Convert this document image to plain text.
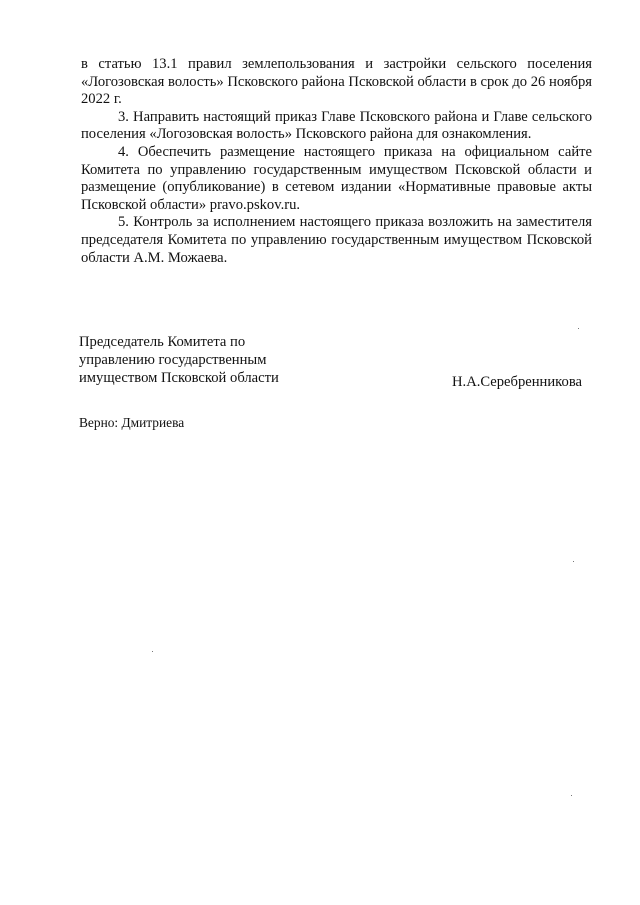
в статью 13.1 правил землепользования и застройки сельского поселения «Логозовская волость» Псковского района Псковской области в срок до 26 ноября 2022 г.

3. Направить настоящий приказ Главе Псковского района и Главе сельского поселения «Логозовская волость» Псковского района для ознакомления.

4. Обеспечить размещение настоящего приказа на официальном сайте Комитета по управлению государственным имуществом Псковской области и размещение (опубликование) в сетевом издании «Нормативные правовые акты Псковской области» pravo.pskov.ru.

5. Контроль за исполнением настоящего приказа возложить на заместителя председателя Комитета по управлению государственным имуществом Псковской области А.М. Можаева.

Председатель Комитета по
управлению государственным
имуществом Псковской области	Н.А.Серебренникова
Верно: Дмитриева
